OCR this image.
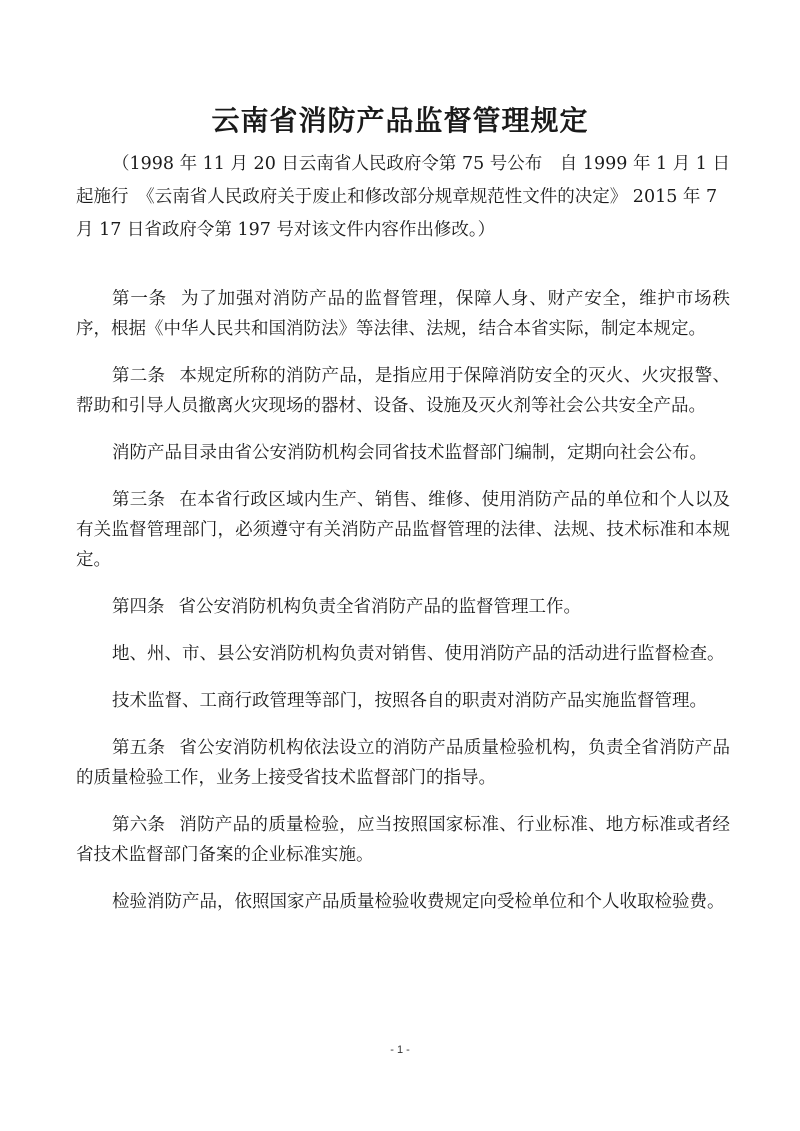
云南省消防产品监督管理规定

（1998 年 11 月 20 日云南省人民政府令第 75 号公布　自 1999 年 1 月 1 日起施行　《云南省人民政府关于废止和修改部分规章规范性文件的决定》 2015 年 7 月 17 日省政府令第 197 号对该文件内容作出修改。）

第一条 为了加强对消防产品的监督管理，保障人身、财产安全，维护市场秩序，根据《中华人民共和国消防法》等法律、法规，结合本省实际，制定本规定。

第二条 本规定所称的消防产品，是指应用于保障消防安全的灭火、火灾报警、帮助和引导人员撤离火灾现场的器材、设备、设施及灭火剂等社会公共安全产品。

消防产品目录由省公安消防机构会同省技术监督部门编制，定期向社会公布。

第三条 在本省行政区域内生产、销售、维修、使用消防产品的单位和个人以及有关监督管理部门，必须遵守有关消防产品监督管理的法律、法规、技术标准和本规定。

第四条 省公安消防机构负责全省消防产品的监督管理工作。

地、州、市、县公安消防机构负责对销售、使用消防产品的活动进行监督检查。

技术监督、工商行政管理等部门，按照各自的职责对消防产品实施监督管理。

第五条 省公安消防机构依法设立的消防产品质量检验机构，负责全省消防产品的质量检验工作，业务上接受省技术监督部门的指导。

第六条 消防产品的质量检验，应当按照国家标准、行业标准、地方标准或者经省技术监督部门备案的企业标准实施。

检验消防产品，依照国家产品质量检验收费规定向受检单位和个人收取检验费。

- 1 -
